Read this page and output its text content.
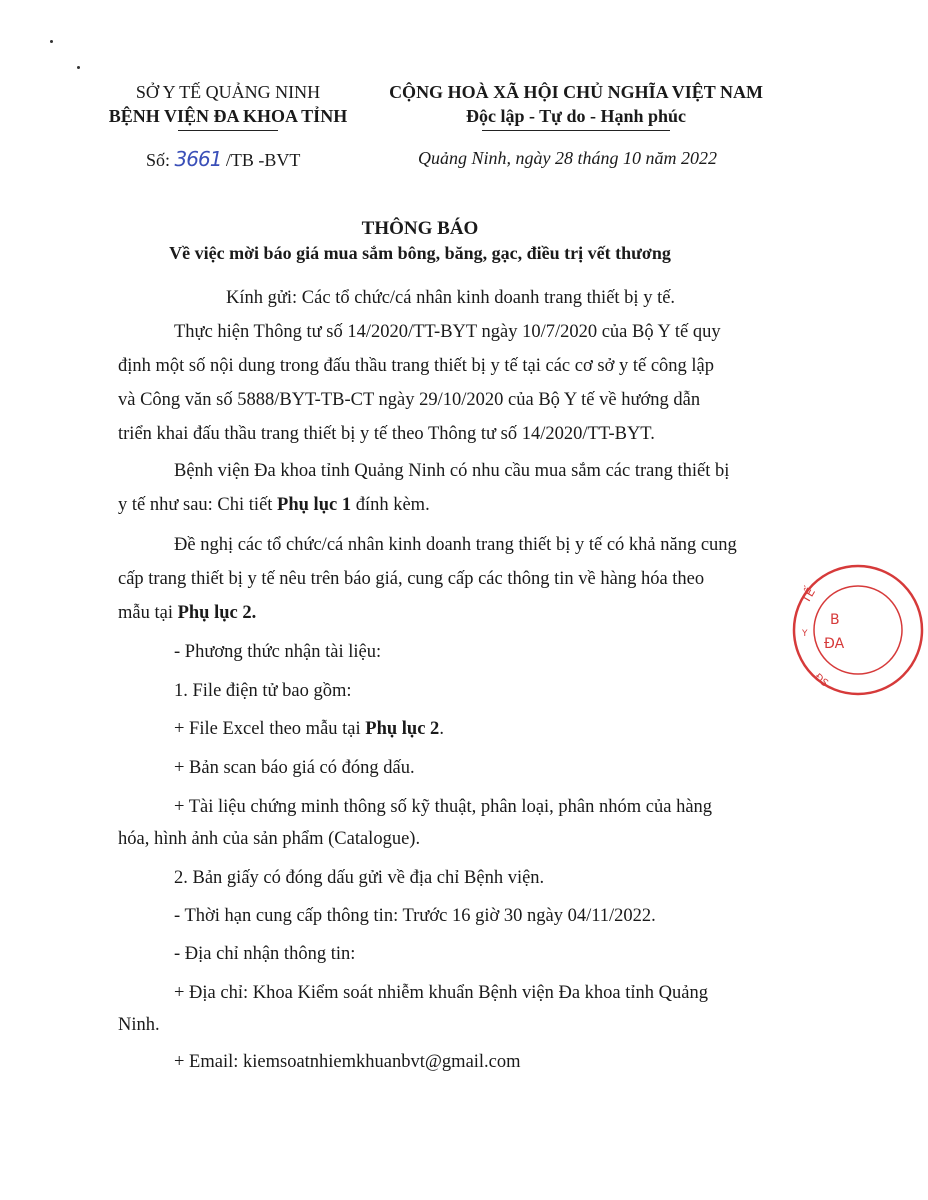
SỞ Y TẾ QUẢNG NINH
BỆNH VIỆN ĐA KHOA TỈNH
CỘNG HOÀ XÃ HỘI CHỦ NGHĨA VIỆT NAM
Độc lập - Tự do - Hạnh phúc
Số: 3661 /TB -BVT	Quảng Ninh, ngày 28 tháng 10 năm 2022
THÔNG BÁO
Về việc mời báo giá mua sắm bông, băng, gạc, điều trị vết thương
Kính gửi: Các tổ chức/cá nhân kinh doanh trang thiết bị y tế.
Thực hiện Thông tư số 14/2020/TT-BYT ngày 10/7/2020 của Bộ Y tế quy
định một số nội dung trong đấu thầu trang thiết bị y tế tại các cơ sở y tế công lập
và Công văn số 5888/BYT-TB-CT ngày 29/10/2020 của Bộ Y tế về hướng dẫn
triển khai đấu thầu trang thiết bị y tế theo Thông tư số 14/2020/TT-BYT.
Bệnh viện Đa khoa tỉnh Quảng Ninh có nhu cầu mua sắm các trang thiết bị
y tế như sau: Chi tiết Phụ lục 1 đính kèm.
Đề nghị các tổ chức/cá nhân kinh doanh trang thiết bị y tế có khả năng cung
cấp trang thiết bị y tế nêu trên báo giá, cung cấp các thông tin về hàng hóa theo
mẫu tại Phụ lục 2.
- Phương thức nhận tài liệu:
1. File điện tử bao gồm:
+ File Excel theo mẫu tại Phụ lục 2.
+ Bản scan báo giá có đóng dấu.
+ Tài liệu chứng minh thông số kỹ thuật, phân loại, phân nhóm của hàng
hóa, hình ảnh của sản phẩm (Catalogue).
2. Bản giấy có đóng dấu gửi về địa chỉ Bệnh viện.
- Thời hạn cung cấp thông tin: Trước 16 giờ 30 ngày 04/11/2022.
- Địa chỉ nhận thông tin:
+ Địa chỉ: Khoa Kiểm soát nhiễm khuẩn Bệnh viện Đa khoa tỉnh Quảng
Ninh.
+ Email: kiemsoatnhiemkhuanbvt@gmail.com
TẾ
B
ĐA
ĐS
Y
